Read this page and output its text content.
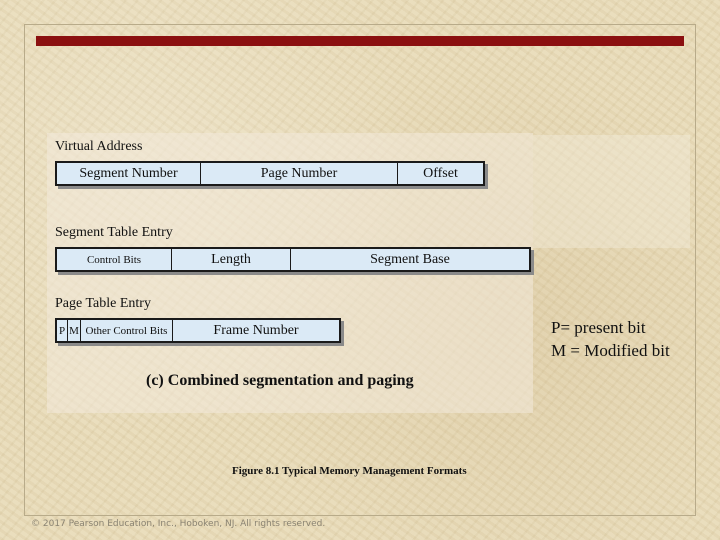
Virtual Address
Segment Number	Page Number	Offset
Segment Table Entry
Control Bits	Length	Segment Base
Page Table Entry
P M Other Control Bits	Frame Number	P= present bit
M = Modified bit
(c) Combined segmentation and paging
Figure 8.1 Typical Memory Management Formats
© 2017 Pearson Education, Inc., Hoboken, NJ. All rights reserved.
